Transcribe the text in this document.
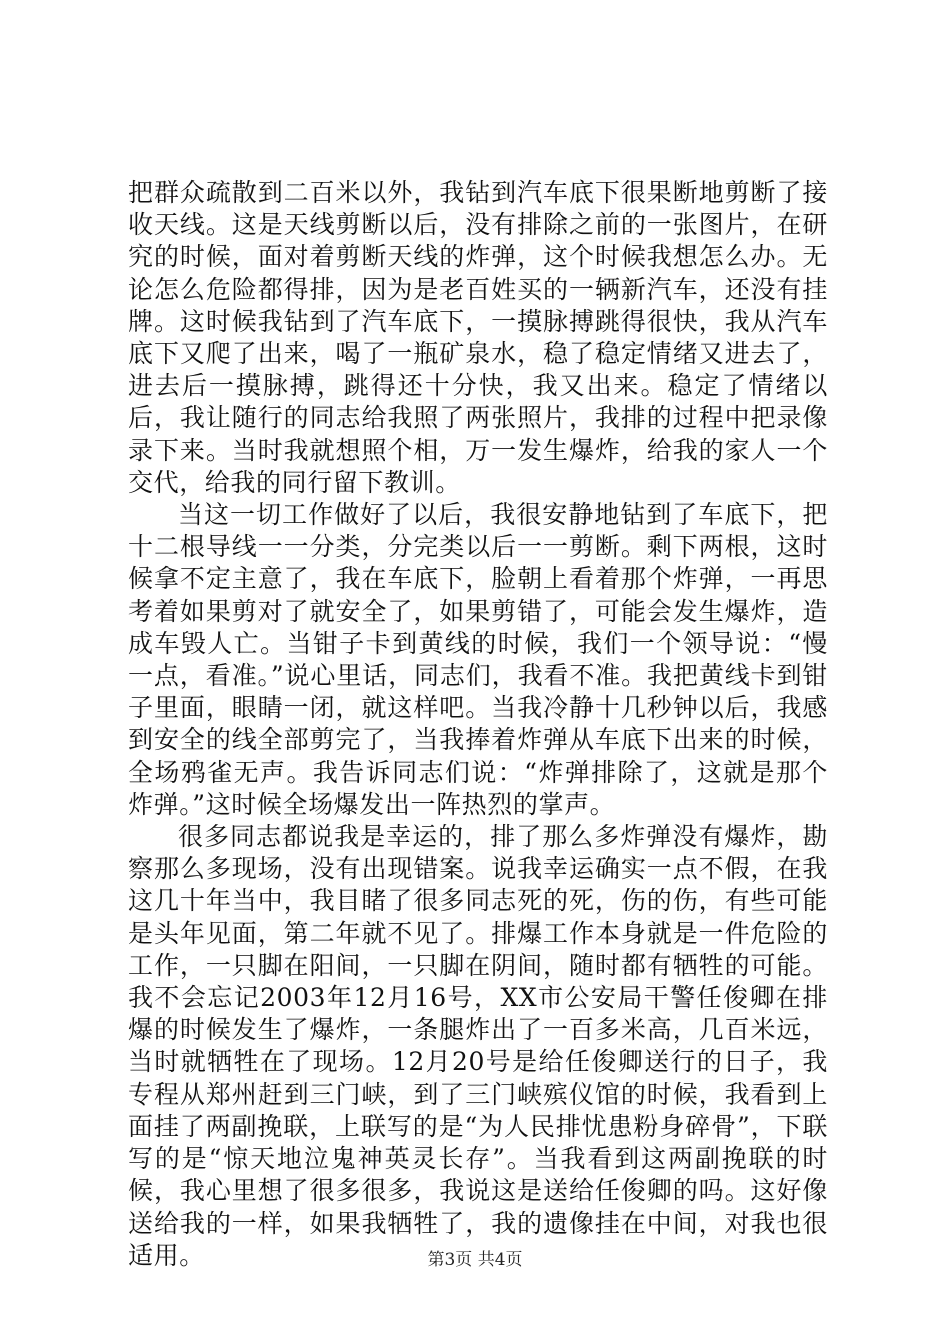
把群众疏散到二百米以外，我钻到汽车底下很果断地剪断了接收天线。这是天线剪断以后，没有排除之前的一张图片，在研究的时候，面对着剪断天线的炸弹，这个时候我想怎么办。无论怎么危险都得排，因为是老百姓买的一辆新汽车，还没有挂牌。这时候我钻到了汽车底下，一摸脉搏跳得很快，我从汽车底下又爬了出来，喝了一瓶矿泉水，稳了稳定情绪又进去了，进去后一摸脉搏，跳得还十分快，我又出来。稳定了情绪以后，我让随行的同志给我照了两张照片，我排的过程中把录像录下来。当时我就想照个相，万一发生爆炸，给我的家人一个交代，给我的同行留下教训。

当这一切工作做好了以后，我很安静地钻到了车底下，把十二根导线一一分类，分完类以后一一剪断。剩下两根，这时候拿不定主意了，我在车底下，脸朝上看着那个炸弹，一再思考着如果剪对了就安全了，如果剪错了，可能会发生爆炸，造成车毁人亡。当钳子卡到黄线的时候，我们一个领导说：“慢一点，看准。”说心里话，同志们，我看不准。我把黄线卡到钳子里面，眼睛一闭，就这样吧。当我冷静十几秒钟以后，我感到安全的线全部剪完了，当我捧着炸弹从车底下出来的时候，全场鸦雀无声。我告诉同志们说：“炸弹排除了，这就是那个炸弹。”这时候全场爆发出一阵热烈的掌声。

很多同志都说我是幸运的，排了那么多炸弹没有爆炸，勘察那么多现场，没有出现错案。说我幸运确实一点不假，在我这几十年当中，我目睹了很多同志死的死，伤的伤，有些可能是头年见面，第二年就不见了。排爆工作本身就是一件危险的工作，一只脚在阳间，一只脚在阴间，随时都有牺牲的可能。我不会忘记2003年12月16号，XX市公安局干警任俊卿在排爆的时候发生了爆炸，一条腿炸出了一百多米高，几百米远，当时就牺牲在了现场。12月20号是给任俊卿送行的日子，我专程从郑州赶到三门峡，到了三门峡殡仪馆的时候，我看到上面挂了两副挽联，上联写的是“为人民排忧患粉身碎骨”，下联写的是“惊天地泣鬼神英灵长存”。当我看到这两副挽联的时候，我心里想了很多很多，我说这是送给任俊卿的吗。这好像送给我的一样，如果我牺牲了，我的遗像挂在中间，对我也很适用。	第3页 共4页
